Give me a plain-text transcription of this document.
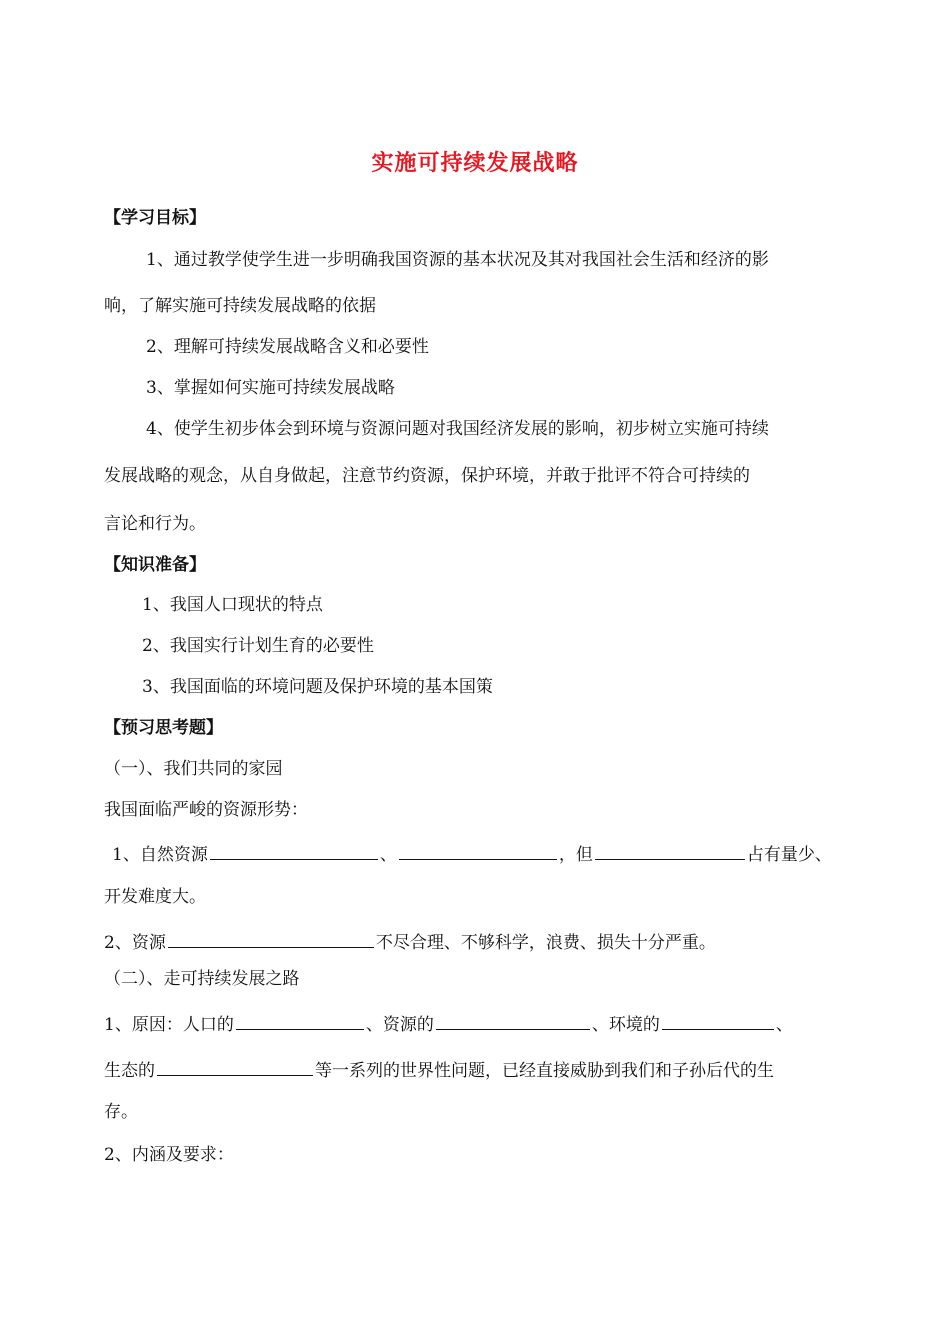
实施可持续发展战略
【学习目标】
1、通过教学使学生进一步明确我国资源的基本状况及其对我国社会生活和经济的影
响，了解实施可持续发展战略的依据
2、理解可持续发展战略含义和必要性
3、掌握如何实施可持续发展战略
4、使学生初步体会到环境与资源问题对我国经济发展的影响，初步树立实施可持续
发展战略的观念，从自身做起，注意节约资源，保护环境，并敢于批评不符合可持续的
言论和行为。
【知识准备】
1、我国人口现状的特点
2、我国实行计划生育的必要性
3、我国面临的环境问题及保护环境的基本国策
【预习思考题】
（一）、我们共同的家园
我国面临严峻的资源形势：
1、自然资源	、	，但	占有量少、
开发难度大。
2、资源	不尽合理、不够科学，浪费、损失十分严重。
（二）、走可持续发展之路
1、原因：人口的	、资源的	、环境的	、
生态的	等一系列的世界性问题，已经直接威胁到我们和子孙后代的生
存。
2、内涵及要求：
